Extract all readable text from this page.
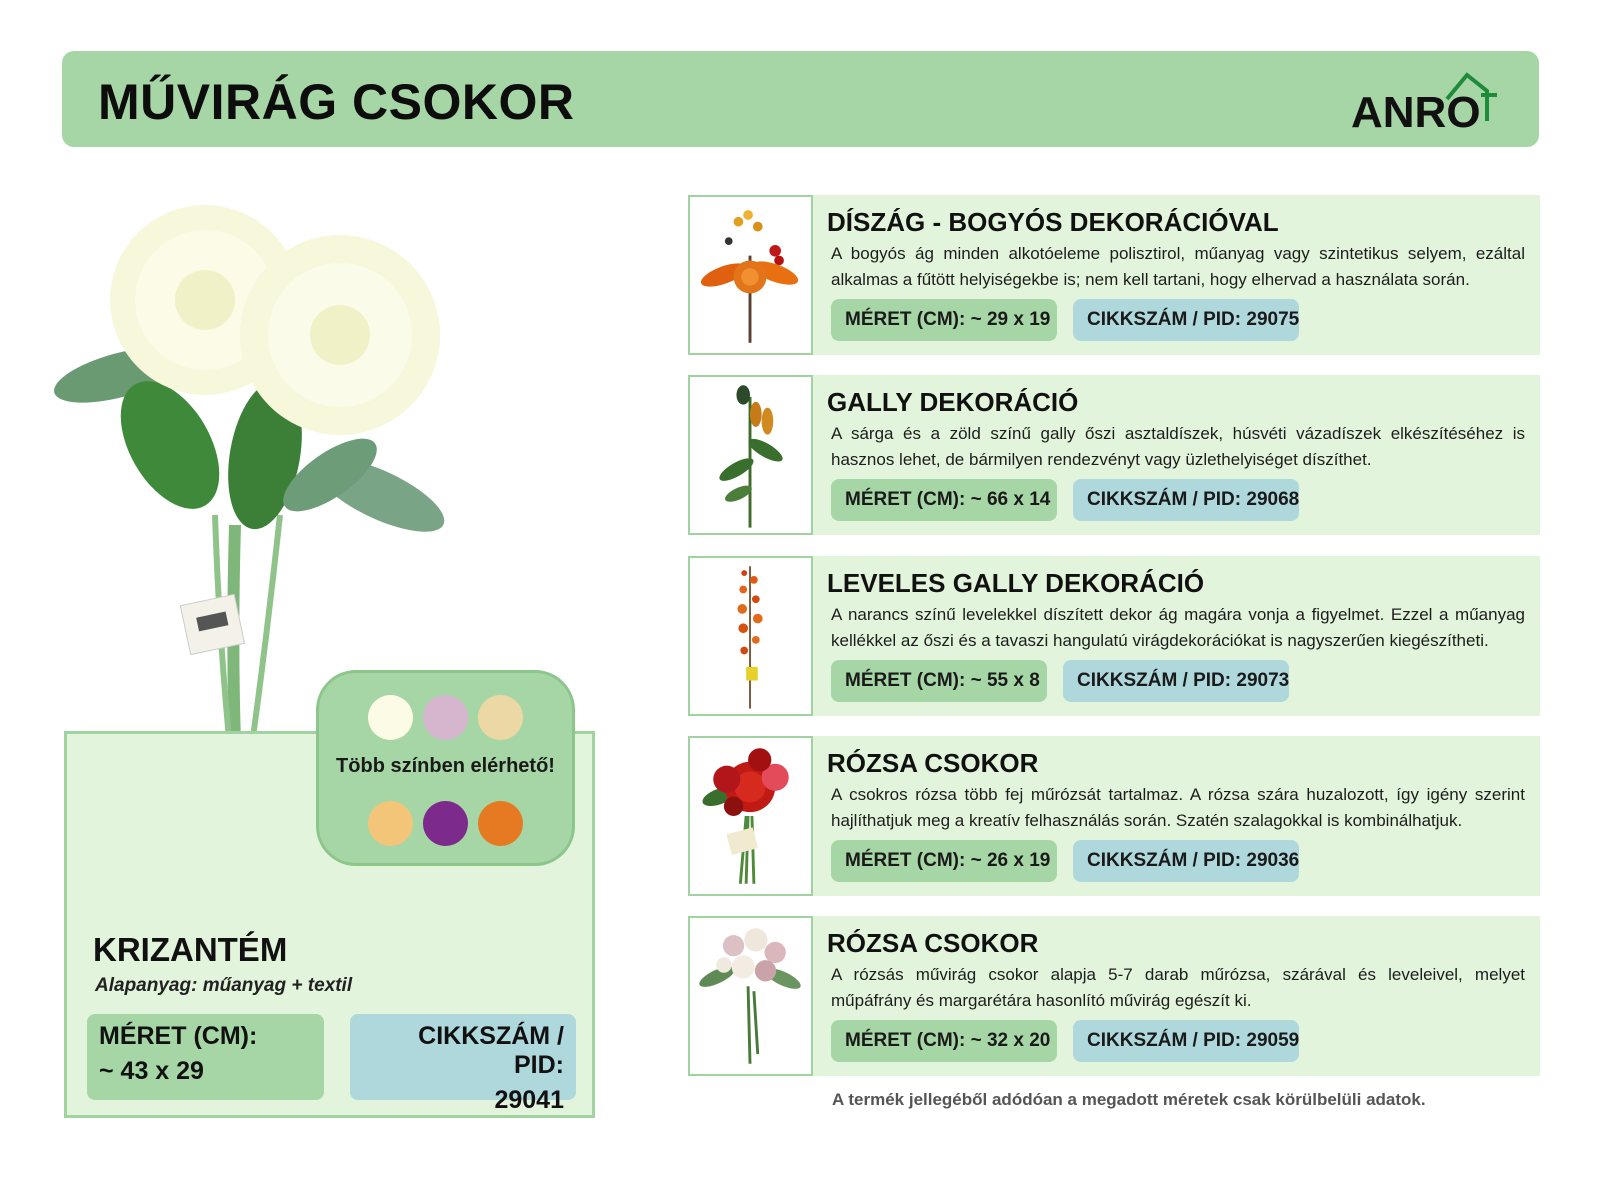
MŰVIRÁG CSOKOR	ANRO
KRIZANTÉM
Alapanyag: műanyag + textil
MÉRET (CM):
~ 43 x 29
CIKKSZÁM / PID:
29041
Több színben elérhető!
DÍSZÁG - BOGYÓS DEKORÁCIÓVAL
A bogyós ág minden alkotóeleme polisztirol, műanyag vagy szintetikus selyem, ezáltal alkalmas a fűtött helyiségekbe is; nem kell tartani, hogy elhervad a használata során.
MÉRET (CM): ~ 29 x 19	CIKKSZÁM / PID: 29075
GALLY DEKORÁCIÓ
A sárga és a zöld színű gally őszi asztaldíszek, húsvéti vázadíszek elkészítéséhez is hasznos lehet, de bármilyen rendezvényt vagy üzlethelyiséget díszíthet.
MÉRET (CM): ~ 66 x 14	CIKKSZÁM / PID: 29068
LEVELES GALLY DEKORÁCIÓ
A narancs színű levelekkel díszített dekor ág magára vonja a figyelmet. Ezzel a műanyag kellékkel az őszi és a tavaszi hangulatú virágdekorációkat is nagyszerűen kiegészítheti.
MÉRET (CM): ~ 55 x 8	CIKKSZÁM / PID: 29073
RÓZSA CSOKOR
A csokros rózsa több fej műrózsát tartalmaz. A rózsa szára huzalozott, így igény szerint hajlíthatjuk meg a kreatív felhasználás során. Szatén szalagokkal is kombinálhatjuk.
MÉRET (CM): ~ 26 x 19	CIKKSZÁM / PID: 29036
RÓZSA CSOKOR
A rózsás művirág csokor alapja 5-7 darab műrózsa, szárával és leveleivel, melyet műpáfrány és margarétára hasonlító művirág egészít ki.
MÉRET (CM): ~ 32 x 20	CIKKSZÁM / PID: 29059
A termék jellegéből adódóan a megadott méretek csak körülbelüli adatok.
